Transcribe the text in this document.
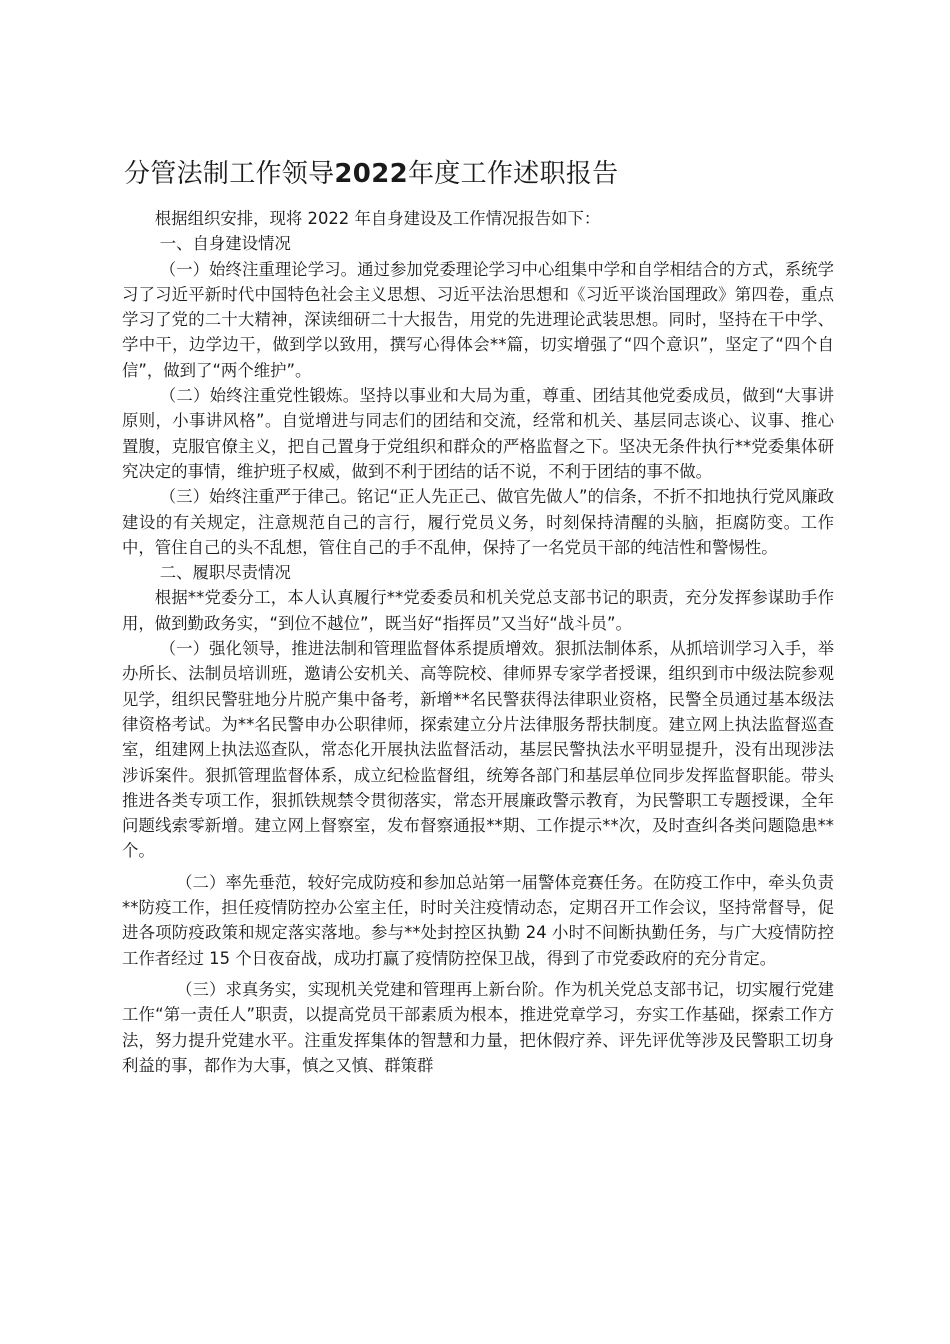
分管法制工作领导2022年度工作述职报告

根据组织安排，现将 2022 年自身建设及工作情况报告如下：

一、自身建设情况

（一）始终注重理论学习。通过参加党委理论学习中心组集中学和自学相结合的方式，系统学习了习近平新时代中国特色社会主义思想、习近平法治思想和《习近平谈治国理政》第四卷，重点学习了党的二十大精神，深读细研二十大报告，用党的先进理论武装思想。同时，坚持在干中学、学中干，边学边干，做到学以致用，撰写心得体会**篇，切实增强了“四个意识”，坚定了“四个自信”，做到了“两个维护”。

（二）始终注重党性锻炼。坚持以事业和大局为重，尊重、团结其他党委成员，做到“大事讲原则，小事讲风格”。自觉增进与同志们的团结和交流，经常和机关、基层同志谈心、议事、推心置腹，克服官僚主义，把自己置身于党组织和群众的严格监督之下。坚决无条件执行**党委集体研究决定的事情，维护班子权威，做到不利于团结的话不说，不利于团结的事不做。

（三）始终注重严于律己。铭记“正人先正己、做官先做人”的信条，不折不扣地执行党风廉政建设的有关规定，注意规范自己的言行，履行党员义务，时刻保持清醒的头脑，拒腐防变。工作中，管住自己的头不乱想，管住自己的手不乱伸，保持了一名党员干部的纯洁性和警惕性。

二、履职尽责情况

根据**党委分工，本人认真履行**党委委员和机关党总支部书记的职责，充分发挥参谋助手作用，做到勤政务实，“到位不越位”，既当好“指挥员”又当好“战斗员”。

（一）强化领导，推进法制和管理监督体系提质增效。狠抓法制体系，从抓培训学习入手，举办所长、法制员培训班，邀请公安机关、高等院校、律师界专家学者授课，组织到市中级法院参观见学，组织民警驻地分片脱产集中备考，新增**名民警获得法律职业资格，民警全员通过基本级法律资格考试。为**名民警申办公职律师，探索建立分片法律服务帮扶制度。建立网上执法监督巡查室，组建网上执法巡查队，常态化开展执法监督活动，基层民警执法水平明显提升，没有出现涉法涉诉案件。狠抓管理监督体系，成立纪检监督组，统筹各部门和基层单位同步发挥监督职能。带头推进各类专项工作，狠抓铁规禁令贯彻落实，常态开展廉政警示教育，为民警职工专题授课，全年问题线索零新增。建立网上督察室，发布督察通报**期、工作提示**次，及时查纠各类问题隐患**个。

（二）率先垂范，较好完成防疫和参加总站第一届警体竞赛任务。在防疫工作中，牵头负责**防疫工作，担任疫情防控办公室主任，时时关注疫情动态，定期召开工作会议，坚持常督导，促进各项防疫政策和规定落实落地。参与**处封控区执勤 24 小时不间断执勤任务，与广大疫情防控工作者经过 15 个日夜奋战，成功打赢了疫情防控保卫战，得到了市党委政府的充分肯定。

（三）求真务实，实现机关党建和管理再上新台阶。作为机关党总支部书记，切实履行党建工作“第一责任人”职责，以提高党员干部素质为根本，推进党章学习，夯实工作基础，探索工作方法，努力提升党建水平。注重发挥集体的智慧和力量，把休假疗养、评先评优等涉及民警职工切身利益的事，都作为大事，慎之又慎、群策群
